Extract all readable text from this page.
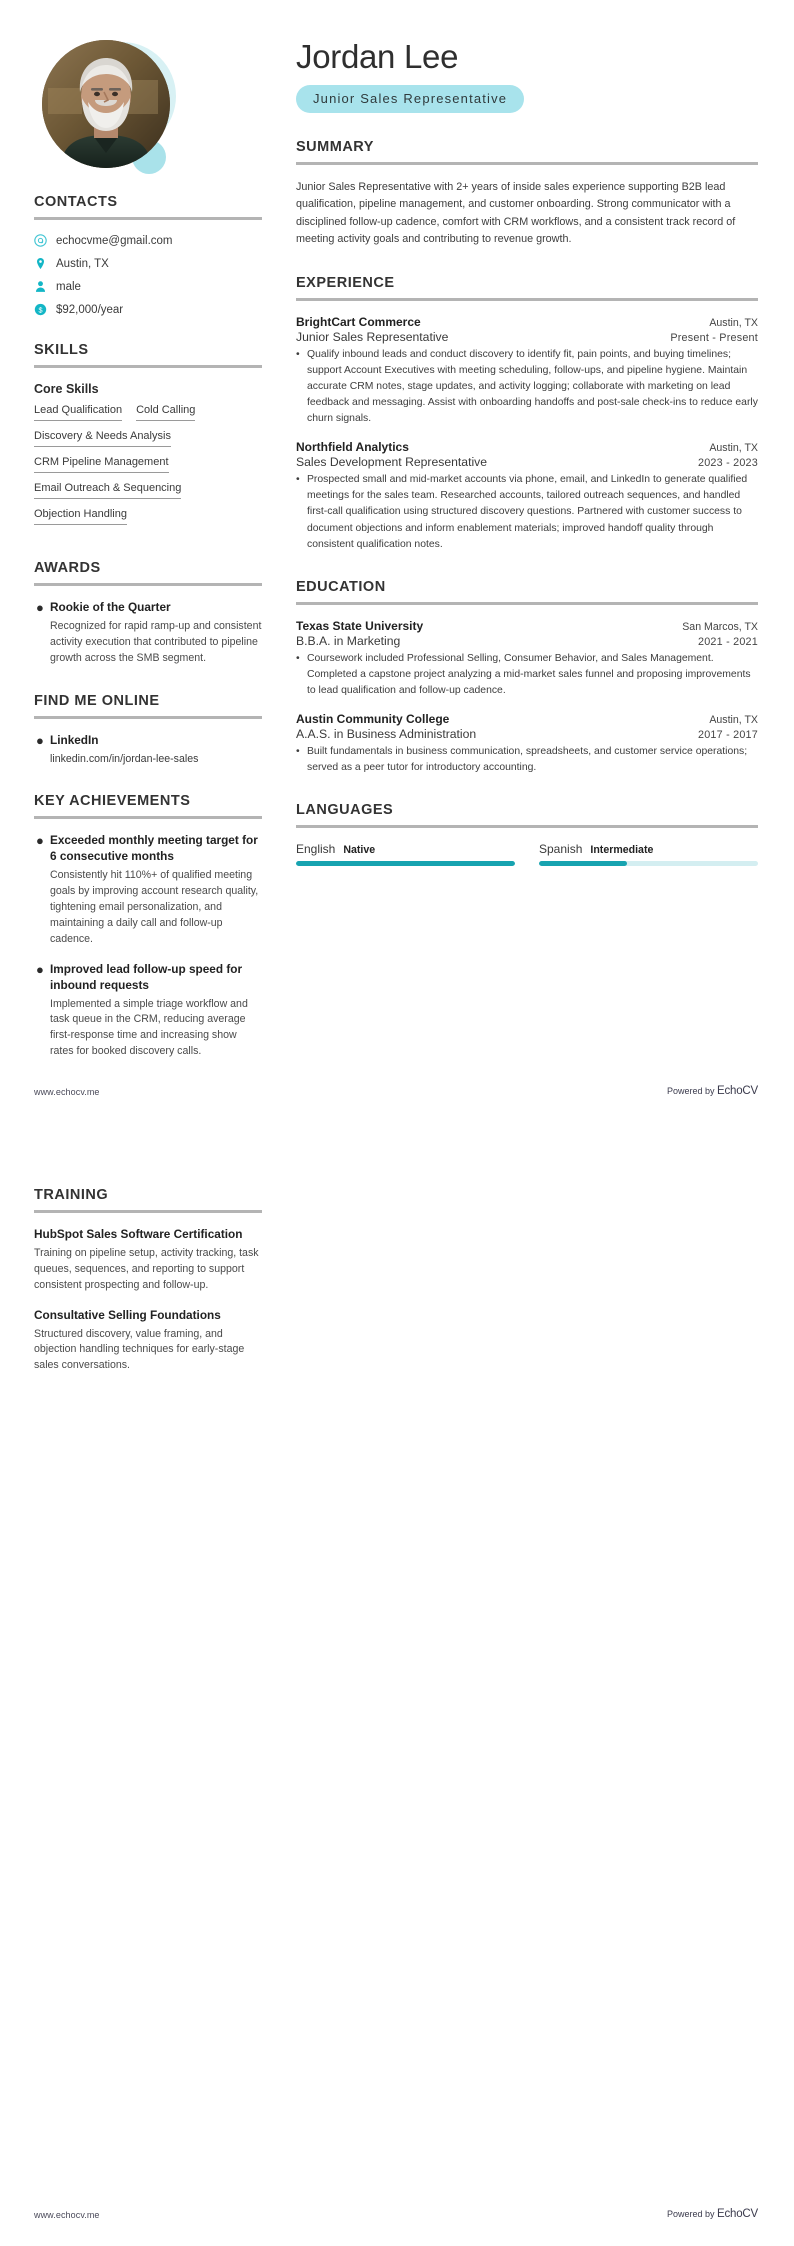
CONTACTS
echocvme@gmail.com
Austin, TX
male
$ $92,000/year
SKILLS
Core Skills
Lead Qualification Cold Calling
Discovery & Needs Analysis
CRM Pipeline Management
Email Outreach & Sequencing
Objection Handling
AWARDS
● Rookie of the Quarter
Recognized for rapid ramp-up and consistent activity execution that contributed to pipeline growth across the SMB segment.
FIND ME ONLINE
● LinkedIn
linkedin.com/in/jordan-lee-sales
KEY ACHIEVEMENTS
● Exceeded monthly meeting target for 6 consecutive months
Consistently hit 110%+ of qualified meeting goals by improving account research quality, tightening email personalization, and maintaining a daily call and follow-up cadence.
● Improved lead follow-up speed for inbound requests
Implemented a simple triage workflow and task queue in the CRM, reducing average first-response time and increasing show rates for booked discovery calls.
Jordan Lee
Junior Sales Representative
SUMMARY
Junior Sales Representative with 2+ years of inside sales experience supporting B2B lead qualification, pipeline management, and customer onboarding. Strong communicator with a disciplined follow-up cadence, comfort with CRM workflows, and a consistent track record of meeting activity goals and contributing to revenue growth.
EXPERIENCE
BrightCart Commerce	Austin, TX
Junior Sales Representative	Present - Present
• Qualify inbound leads and conduct discovery to identify fit, pain points, and buying timelines; support Account Executives with meeting scheduling, follow-ups, and pipeline hygiene. Maintain accurate CRM notes, stage updates, and activity logging; collaborate with marketing on lead feedback and messaging. Assist with onboarding handoffs and post-sale check-ins to reduce early churn signals.
Northfield Analytics	Austin, TX
Sales Development Representative	2023 - 2023
• Prospected small and mid-market accounts via phone, email, and LinkedIn to generate qualified meetings for the sales team. Researched accounts, tailored outreach sequences, and handled first-call qualification using structured discovery questions. Partnered with customer success to document objections and inform enablement materials; improved handoff quality through consistent qualification notes.
EDUCATION
Texas State University	San Marcos, TX
B.B.A. in Marketing	2021 - 2021
• Coursework included Professional Selling, Consumer Behavior, and Sales Management. Completed a capstone project analyzing a mid-market sales funnel and proposing improvements to lead qualification and follow-up cadence.
Austin Community College	Austin, TX
A.A.S. in Business Administration	2017 - 2017
• Built fundamentals in business communication, spreadsheets, and customer service operations; served as a peer tutor for introductory accounting.
LANGUAGES
English Native	Spanish Intermediate
www.echocv.me	Powered by EchoCV
TRAINING
HubSpot Sales Software Certification
Training on pipeline setup, activity tracking, task queues, sequences, and reporting to support consistent prospecting and follow-up.
Consultative Selling Foundations
Structured discovery, value framing, and objection handling techniques for early-stage sales conversations.
www.echocv.me	Powered by EchoCV
